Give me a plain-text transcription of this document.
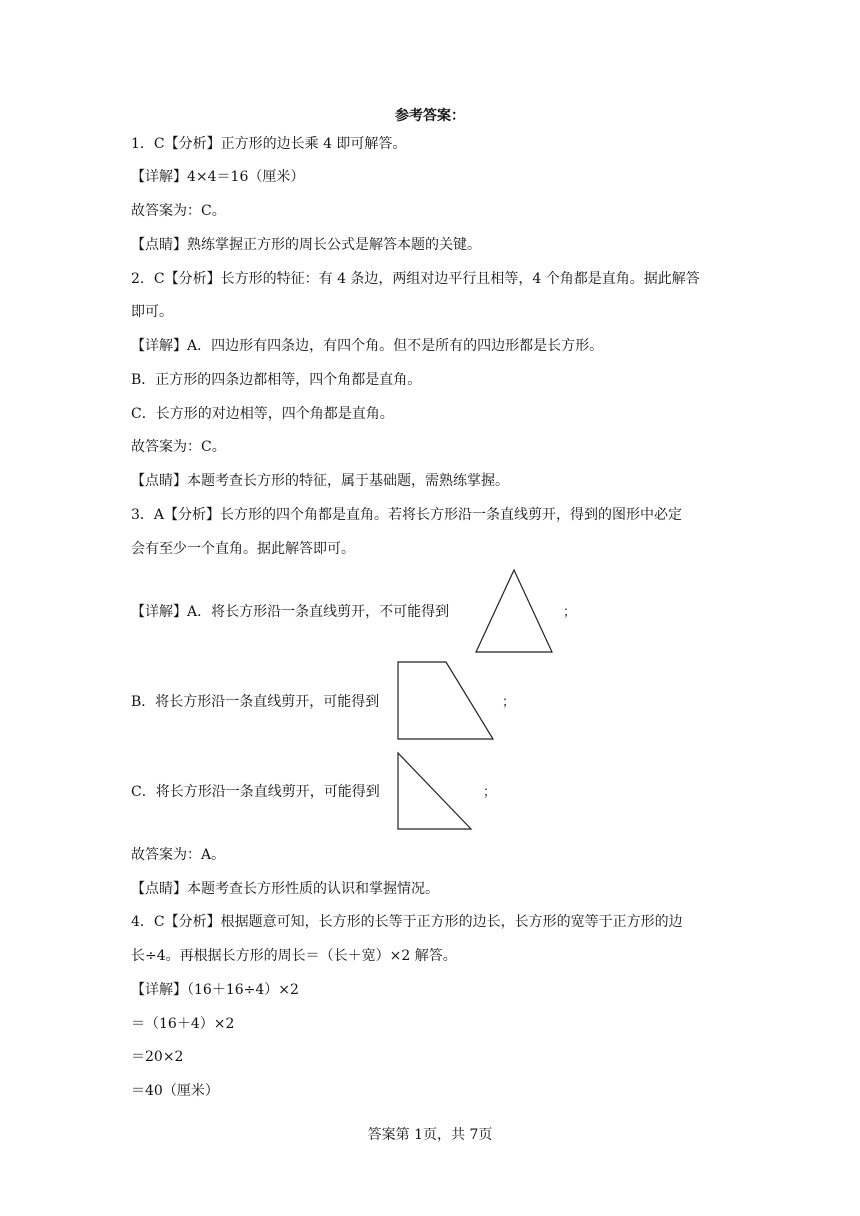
参考答案：
1．C【分析】正方形的边长乘 4 即可解答。
【详解】4×4＝16（厘米）
故答案为：C。
【点睛】熟练掌握正方形的周长公式是解答本题的关键。
2．C【分析】长方形的特征：有 4 条边，两组对边平行且相等，4 个角都是直角。据此解答
即可。
【详解】A．四边形有四条边，有四个角。但不是所有的四边形都是长方形。
B．正方形的四条边都相等，四个角都是直角。
C．长方形的对边相等，四个角都是直角。
故答案为：C。
【点睛】本题考查长方形的特征，属于基础题，需熟练掌握。
3．A【分析】长方形的四个角都是直角。若将长方形沿一条直线剪开，得到的图形中必定
会有至少一个直角。据此解答即可。
【详解】A．将长方形沿一条直线剪开，不可能得到	；
B．将长方形沿一条直线剪开，可能得到	；
C．将长方形沿一条直线剪开，可能得到	；
故答案为：A。
【点睛】本题考查长方形性质的认识和掌握情况。
4．C【分析】根据题意可知，长方形的长等于正方形的边长，长方形的宽等于正方形的边
长÷4。再根据长方形的周长＝（长＋宽）×2 解答。
【详解】（16＋16÷4）×2
＝（16＋4）×2
＝20×2
＝40（厘米）
答案第 1页，共 7页
